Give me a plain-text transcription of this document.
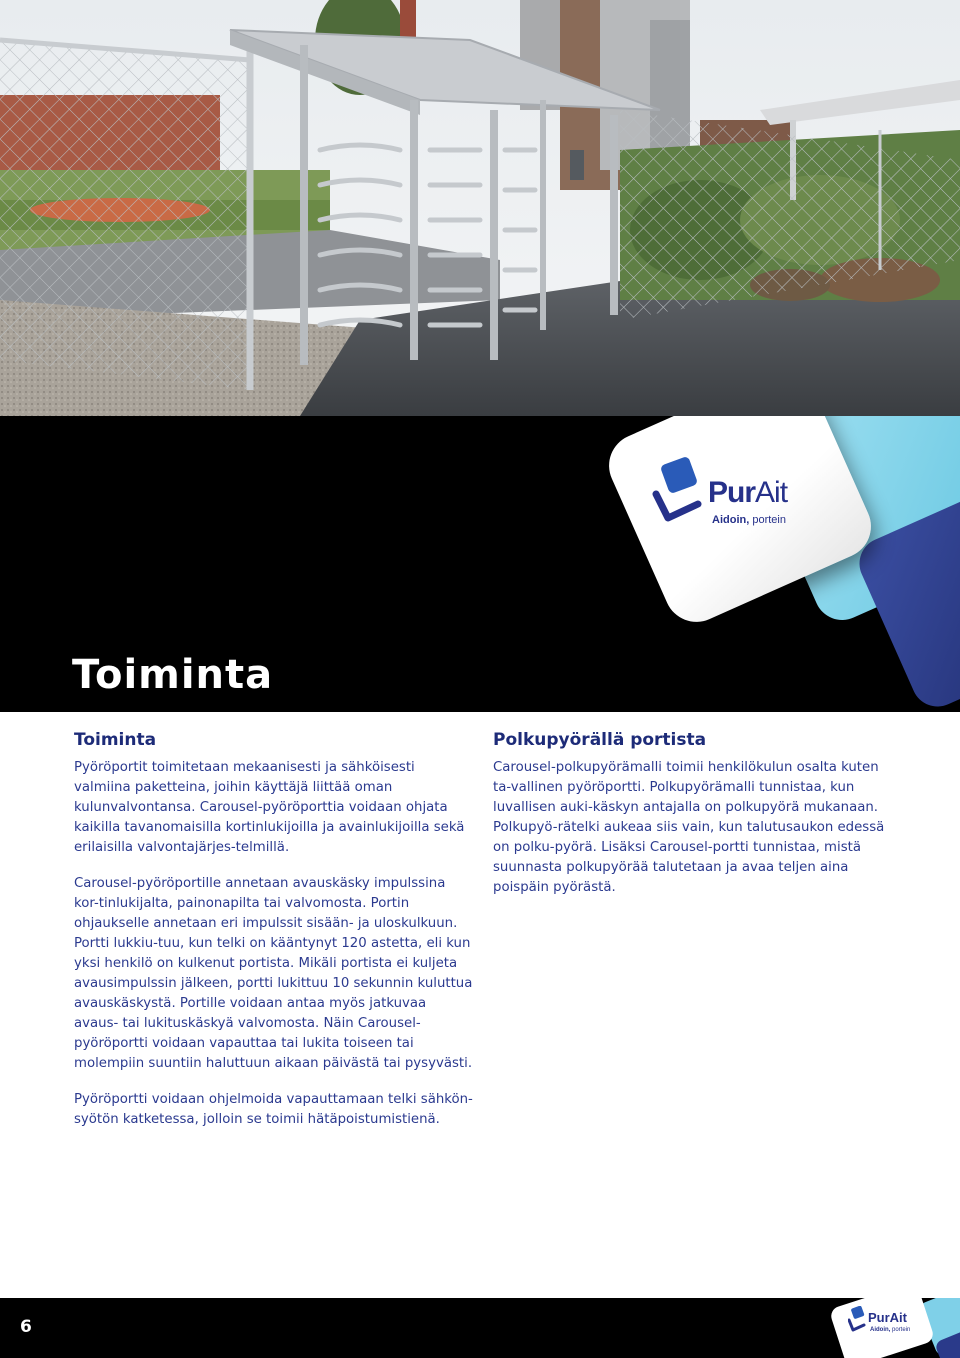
PurAit
Aidoin, portein
Toiminta
Toiminta

Pyöröportit toimitetaan mekaanisesti ja sähköisesti valmiina paketteina, joihin käyttäjä liittää oman kulunvalvontansa. Carousel-pyöröporttia voidaan ohjata kaikilla tavanomaisilla kortinlukijoilla ja avainlukijoilla sekä erilaisilla valvontajärjes-telmillä.

Carousel-pyöröportille annetaan avauskäsky impulssina kor-tinlukijalta, painonapilta tai valvomosta. Portin ohjaukselle annetaan eri impulssit sisään- ja uloskulkuun. Portti lukkiu-tuu, kun telki on kääntynyt 120 astetta, eli kun yksi henkilö on kulkenut portista. Mikäli portista ei kuljeta avausimpulssin jälkeen, portti lukittuu 10 sekunnin kuluttua avauskäskystä. Portille voidaan antaa myös jatkuvaa avaus- tai lukituskäskyä valvomosta. Näin Carousel-pyöröportti voidaan vapauttaa tai lukita toiseen tai molempiin suuntiin haluttuun aikaan päivästä tai pysyvästi.

Pyöröportti voidaan ohjelmoida vapauttamaan telki sähkön-syötön katketessa, jolloin se toimii hätäpoistumistienä.

Polkupyörällä portista

Carousel-polkupyörämalli toimii henkilökulun osalta kuten ta-vallinen pyöröportti. Polkupyörämalli tunnistaa, kun luvallisen auki-käskyn antajalla on polkupyörä mukanaan. Polkupyö-rätelki aukeaa siis vain, kun talutusaukon edessä on polku-pyörä. Lisäksi Carousel-portti tunnistaa, mistä suunnasta polkupyörää talutetaan ja avaa teljen aina poispäin pyörästä.

6	PurAit
Aidoin, portein
